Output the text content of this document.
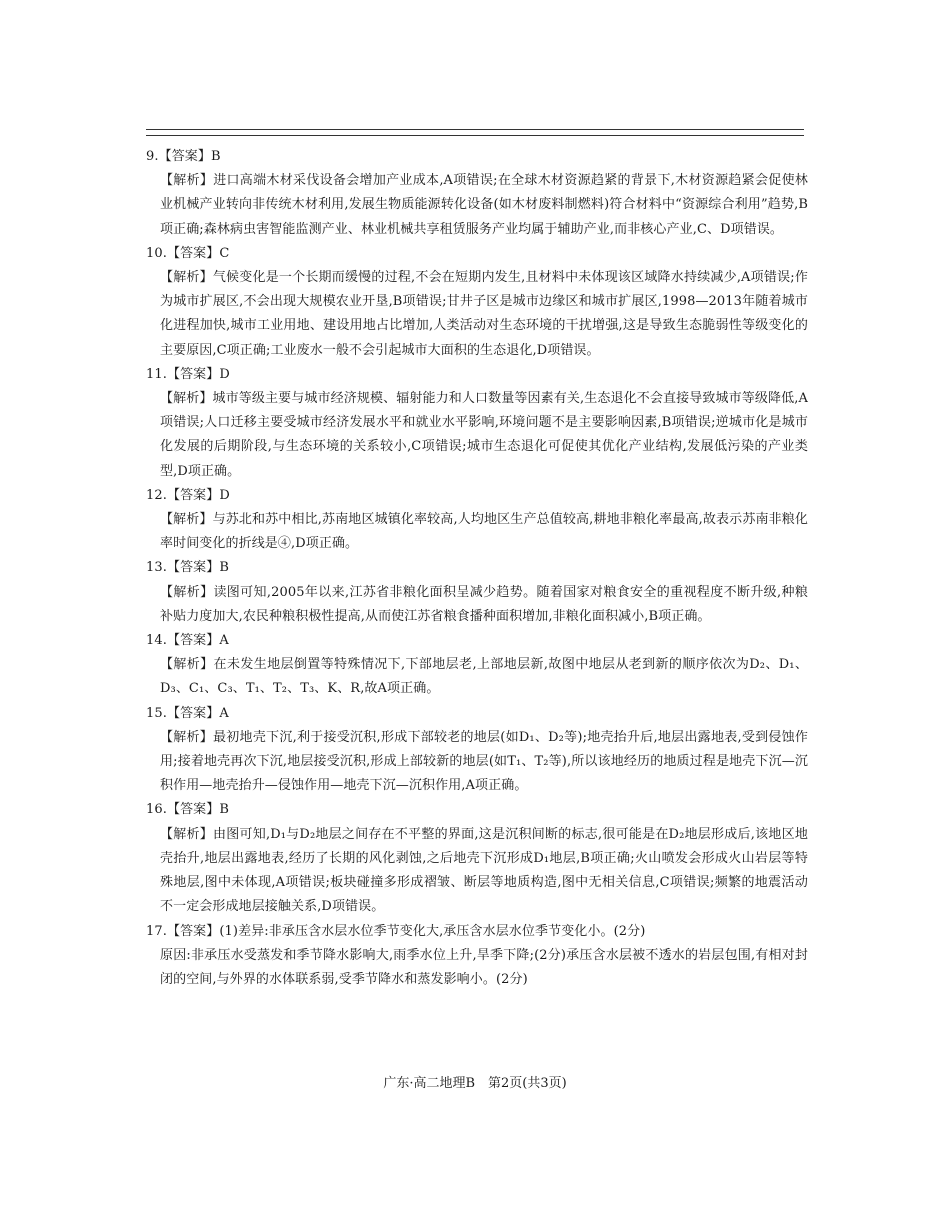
9.【答案】B

【解析】进口高端木材采伐设备会增加产业成本,A项错误;在全球木材资源趋紧的背景下,木材资源趋紧会促使林业机械产业转向非传统木材利用,发展生物质能源转化设备(如木材废料制燃料)符合材料中“资源综合利用”趋势,B项正确;森林病虫害智能监测产业、林业机械共享租赁服务产业均属于辅助产业,而非核心产业,C、D项错误。

10.【答案】C

【解析】气候变化是一个长期而缓慢的过程,不会在短期内发生,且材料中未体现该区域降水持续减少,A项错误;作为城市扩展区,不会出现大规模农业开垦,B项错误;甘井子区是城市边缘区和城市扩展区,1998—2013年随着城市化进程加快,城市工业用地、建设用地占比增加,人类活动对生态环境的干扰增强,这是导致生态脆弱性等级变化的主要原因,C项正确;工业废水一般不会引起城市大面积的生态退化,D项错误。

11.【答案】D

【解析】城市等级主要与城市经济规模、辐射能力和人口数量等因素有关,生态退化不会直接导致城市等级降低,A项错误;人口迁移主要受城市经济发展水平和就业水平影响,环境问题不是主要影响因素,B项错误;逆城市化是城市化发展的后期阶段,与生态环境的关系较小,C项错误;城市生态退化可促使其优化产业结构,发展低污染的产业类型,D项正确。

12.【答案】D

【解析】与苏北和苏中相比,苏南地区城镇化率较高,人均地区生产总值较高,耕地非粮化率最高,故表示苏南非粮化率时间变化的折线是④,D项正确。

13.【答案】B

【解析】读图可知,2005年以来,江苏省非粮化面积呈减少趋势。随着国家对粮食安全的重视程度不断升级,种粮补贴力度加大,农民种粮积极性提高,从而使江苏省粮食播种面积增加,非粮化面积减小,B项正确。

14.【答案】A

【解析】在未发生地层倒置等特殊情况下,下部地层老,上部地层新,故图中地层从老到新的顺序依次为D₂、D₁、D₃、C₁、C₃、T₁、T₂、T₃、K、R,故A项正确。

15.【答案】A

【解析】最初地壳下沉,利于接受沉积,形成下部较老的地层(如D₁、D₂等);地壳抬升后,地层出露地表,受到侵蚀作用;接着地壳再次下沉,地层接受沉积,形成上部较新的地层(如T₁、T₂等),所以该地经历的地质过程是地壳下沉—沉积作用—地壳抬升—侵蚀作用—地壳下沉—沉积作用,A项正确。

16.【答案】B

【解析】由图可知,D₁与D₂地层之间存在不平整的界面,这是沉积间断的标志,很可能是在D₂地层形成后,该地区地壳抬升,地层出露地表,经历了长期的风化剥蚀,之后地壳下沉形成D₁地层,B项正确;火山喷发会形成火山岩层等特殊地层,图中未体现,A项错误;板块碰撞多形成褶皱、断层等地质构造,图中无相关信息,C项错误;频繁的地震活动不一定会形成地层接触关系,D项错误。

17.【答案】(1)差异:非承压含水层水位季节变化大,承压含水层水位季节变化小。(2分)

原因:非承压水受蒸发和季节降水影响大,雨季水位上升,旱季下降;(2分)承压含水层被不透水的岩层包围,有相对封闭的空间,与外界的水体联系弱,受季节降水和蒸发影响小。(2分)

广东·高二地理B　第2页(共3页)
